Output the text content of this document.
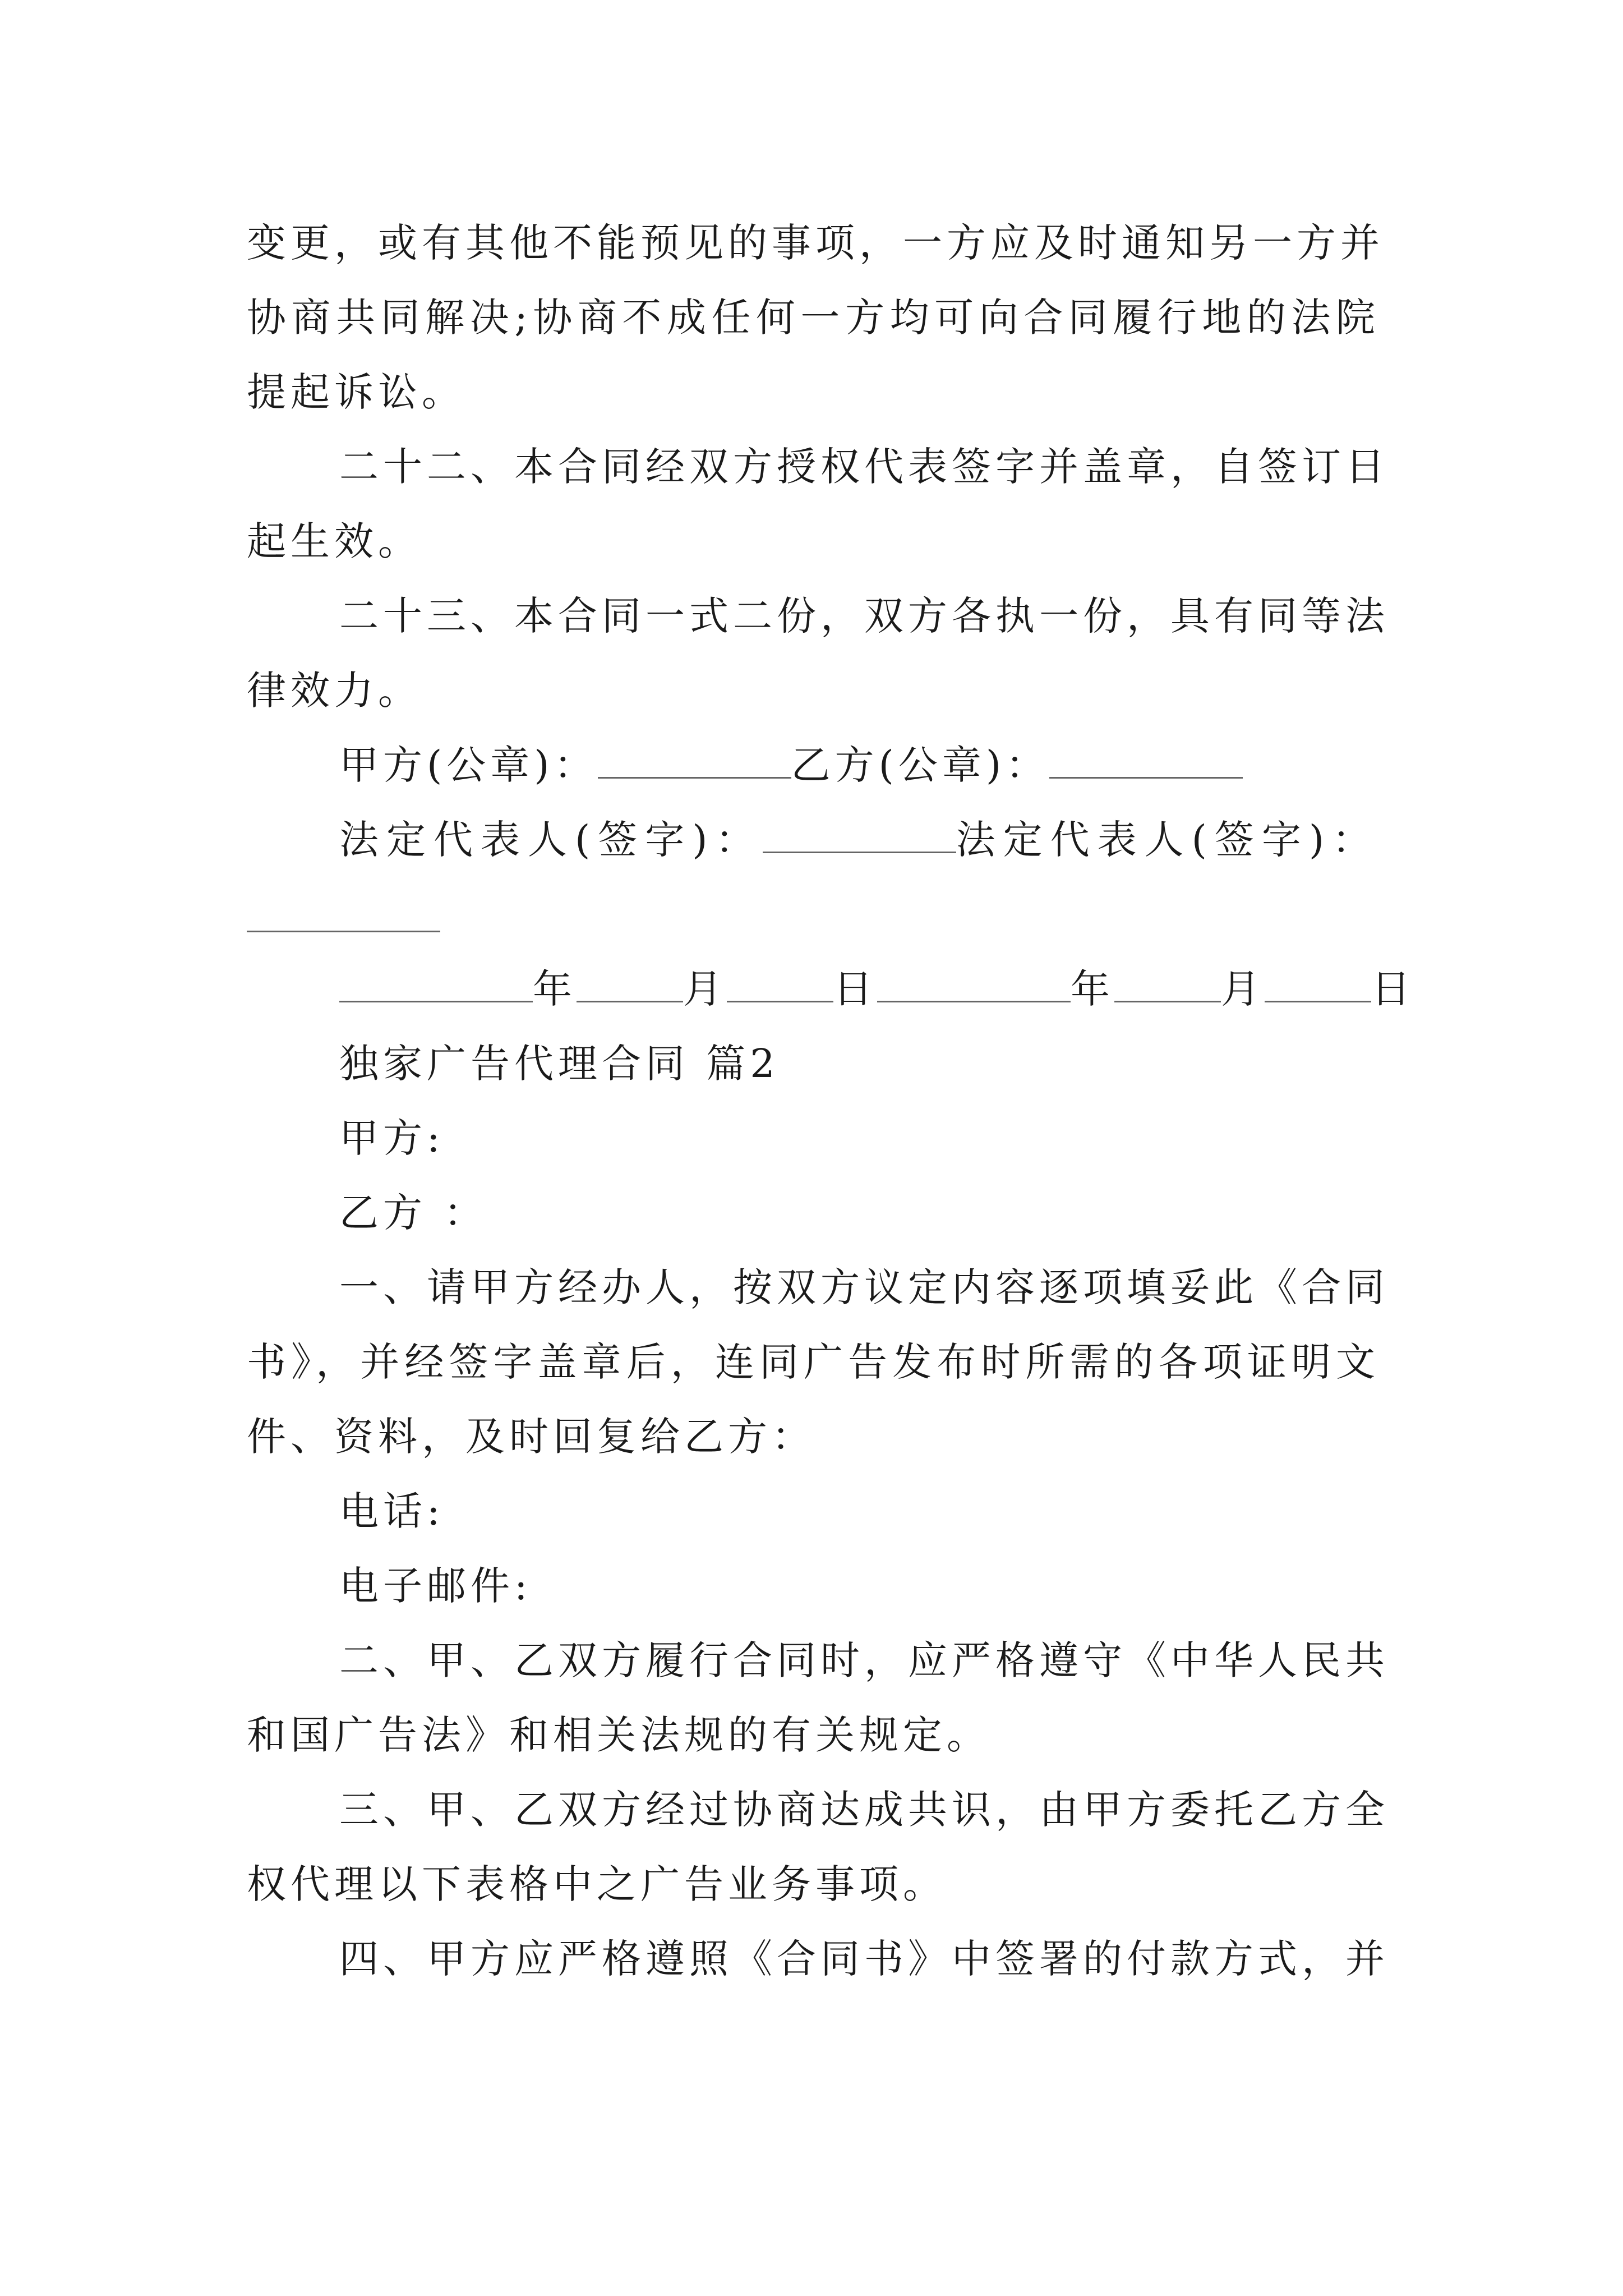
变更，或有其他不能预见的事项，一方应及时通知另一方并
协商共同解决;协商不成任何一方均可向合同履行地的法院
提起诉讼。
二十二、本合同经双方授权代表签字并盖章，自签订日
起生效。
二十三、本合同一式二份，双方各执一份，具有同等法
律效力。
甲方(公章)：	乙方(公章)：
法定代表人(签字)：	法定代表人(签字)：
年	月	日	年	月	日
独家广告代理合同 篇2
甲方:
乙方 ：
一、请甲方经办人，按双方议定内容逐项填妥此《合同
书》，并经签字盖章后，连同广告发布时所需的各项证明文
件、资料，及时回复给乙方：
电话:
电子邮件:
二、甲、乙双方履行合同时，应严格遵守《中华人民共
和国广告法》和相关法规的有关规定。
三、甲、乙双方经过协商达成共识，由甲方委托乙方全
权代理以下表格中之广告业务事项。
四、甲方应严格遵照《合同书》中签署的付款方式，并
